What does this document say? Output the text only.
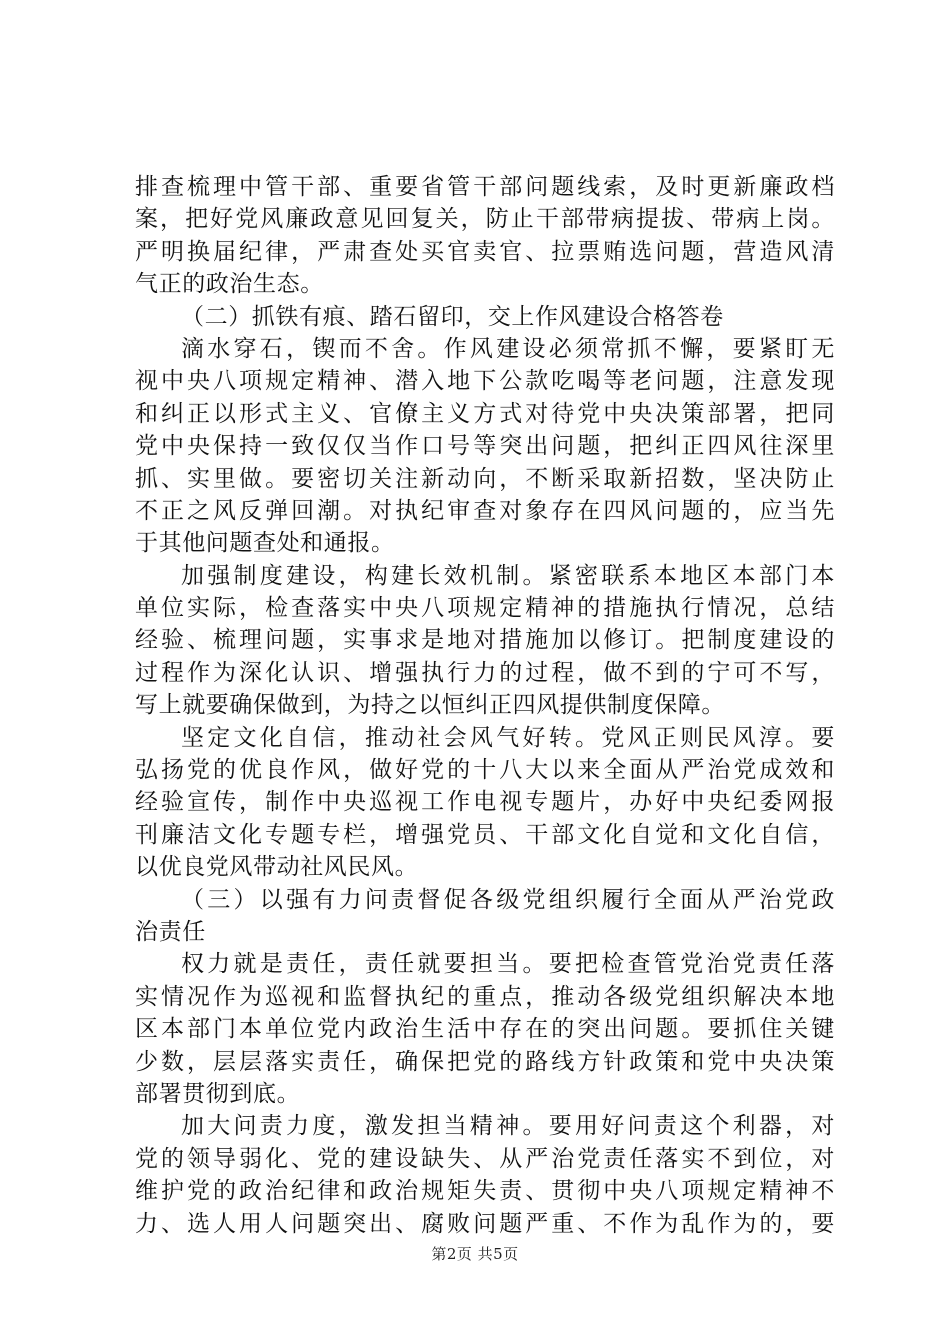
排查梳理中管干部、重要省管干部问题线索，及时更新廉政档
案，把好党风廉政意见回复关，防止干部带病提拔、带病上岗。
严明换届纪律，严肃查处买官卖官、拉票贿选问题，营造风清
气正的政治生态。
（二）抓铁有痕、踏石留印，交上作风建设合格答卷
滴水穿石，锲而不舍。作风建设必须常抓不懈，要紧盯无
视中央八项规定精神、潜入地下公款吃喝等老问题，注意发现
和纠正以形式主义、官僚主义方式对待党中央决策部署，把同
党中央保持一致仅仅当作口号等突出问题，把纠正四风往深里
抓、实里做。要密切关注新动向，不断采取新招数，坚决防止
不正之风反弹回潮。对执纪审查对象存在四风问题的，应当先
于其他问题查处和通报。
加强制度建设，构建长效机制。紧密联系本地区本部门本
单位实际，检查落实中央八项规定精神的措施执行情况，总结
经验、梳理问题，实事求是地对措施加以修订。把制度建设的
过程作为深化认识、增强执行力的过程，做不到的宁可不写，
写上就要确保做到，为持之以恒纠正四风提供制度保障。
坚定文化自信，推动社会风气好转。党风正则民风淳。要
弘扬党的优良作风，做好党的十八大以来全面从严治党成效和
经验宣传，制作中央巡视工作电视专题片，办好中央纪委网报
刊廉洁文化专题专栏，增强党员、干部文化自觉和文化自信，
以优良党风带动社风民风。
（三）以强有力问责督促各级党组织履行全面从严治党政
治责任
权力就是责任，责任就要担当。要把检查管党治党责任落
实情况作为巡视和监督执纪的重点，推动各级党组织解决本地
区本部门本单位党内政治生活中存在的突出问题。要抓住关键
少数，层层落实责任，确保把党的路线方针政策和党中央决策
部署贯彻到底。
加大问责力度，激发担当精神。要用好问责这个利器，对
党的领导弱化、党的建设缺失、从严治党责任落实不到位，对
维护党的政治纪律和政治规矩失责、贯彻中央八项规定精神不
力、选人用人问题突出、腐败问题严重、不作为乱作为的，要
第2页 共5页
